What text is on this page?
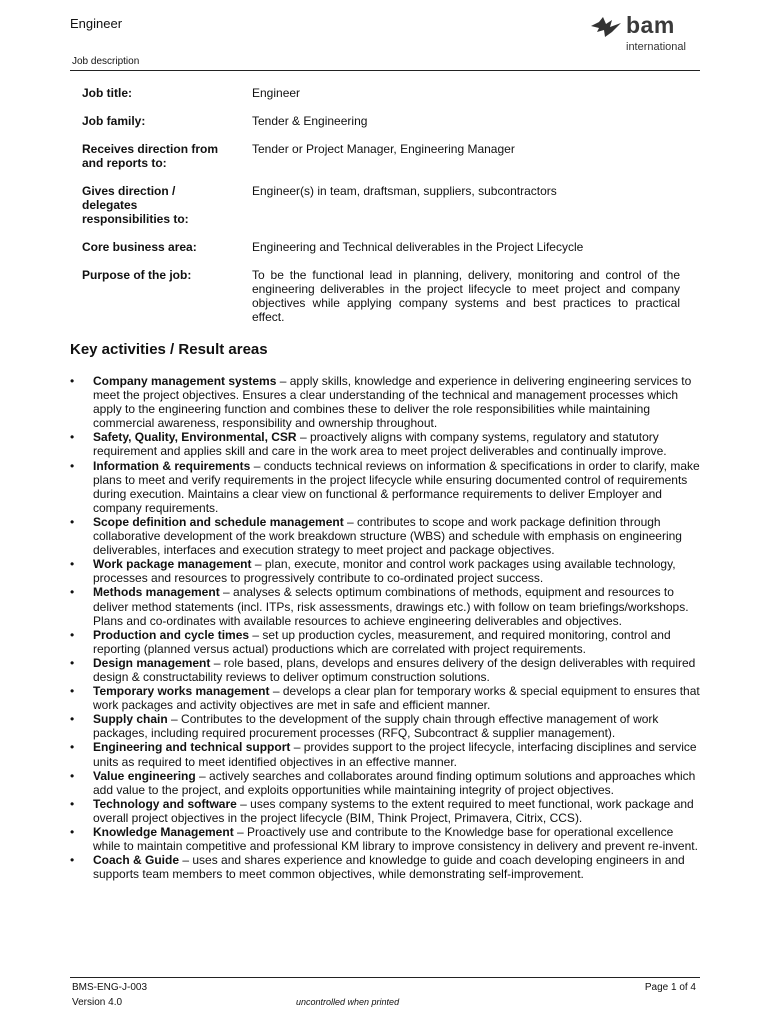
Engineer
Job description
bam
international
Job title:	Engineer
Job family:	Tender & Engineering
Receives direction from and reports to:
Tender or Project Manager, Engineering Manager
Gives direction / delegates responsibilities to:
Engineer(s) in team, draftsman, suppliers, subcontractors
Core business area:	Engineering and Technical deliverables in the Project Lifecycle
Purpose of the job:	To be the functional lead in planning, delivery, monitoring and control of the engineering deliverables in the project lifecycle to meet project and company objectives while applying company systems and best practices to practical effect.
Key activities / Result areas
• Company management systems – apply skills, knowledge and experience in delivering engineering services to meet the project objectives. Ensures a clear understanding of the technical and management processes which apply to the engineering function and combines these to deliver the role responsibilities while maintaining commercial awareness, responsibility and ownership throughout.
• Safety, Quality, Environmental, CSR – proactively aligns with company systems, regulatory and statutory requirement and applies skill and care in the work area to meet project deliverables and continually improve.
• Information & requirements – conducts technical reviews on information & specifications in order to clarify, make plans to meet and verify requirements in the project lifecycle while ensuring documented control of requirements during execution. Maintains a clear view on functional & performance requirements to deliver Employer and company requirements.
• Scope definition and schedule management – contributes to scope and work package definition through collaborative development of the work breakdown structure (WBS) and schedule with emphasis on engineering deliverables, interfaces and execution strategy to meet project and package objectives.
• Work package management – plan, execute, monitor and control work packages using available technology, processes and resources to progressively contribute to co-ordinated project success.
• Methods management – analyses & selects optimum combinations of methods, equipment and resources to deliver method statements (incl. ITPs, risk assessments, drawings etc.) with follow on team briefings/workshops. Plans and co-ordinates with available resources to achieve engineering deliverables and objectives.
• Production and cycle times – set up production cycles, measurement, and required monitoring, control and reporting (planned versus actual) productions which are correlated with project requirements.
• Design management – role based, plans, develops and ensures delivery of the design deliverables with required design & constructability reviews to deliver optimum construction solutions.
• Temporary works management – develops a clear plan for temporary works & special equipment to ensures that work packages and activity objectives are met in safe and efficient manner.
• Supply chain – Contributes to the development of the supply chain through effective management of work packages, including required procurement processes (RFQ, Subcontract & supplier management).
• Engineering and technical support – provides support to the project lifecycle, interfacing disciplines and service units as required to meet identified objectives in an effective manner.
• Value engineering – actively searches and collaborates around finding optimum solutions and approaches which add value to the project, and exploits opportunities while maintaining integrity of project objectives.
• Technology and software – uses company systems to the extent required to meet functional, work package and overall project objectives in the project lifecycle (BIM, Think Project, Primavera, Citrix, CCS).
• Knowledge Management – Proactively use and contribute to the Knowledge base for operational excellence while to maintain competitive and professional KM library to improve consistency in delivery and prevent re-invent.
• Coach & Guide – uses and shares experience and knowledge to guide and coach developing engineers in and supports team members to meet common objectives, while demonstrating self-improvement.
BMS-ENG-J-003
Version 4.0	uncontrolled when printed
Page 1 of 4
